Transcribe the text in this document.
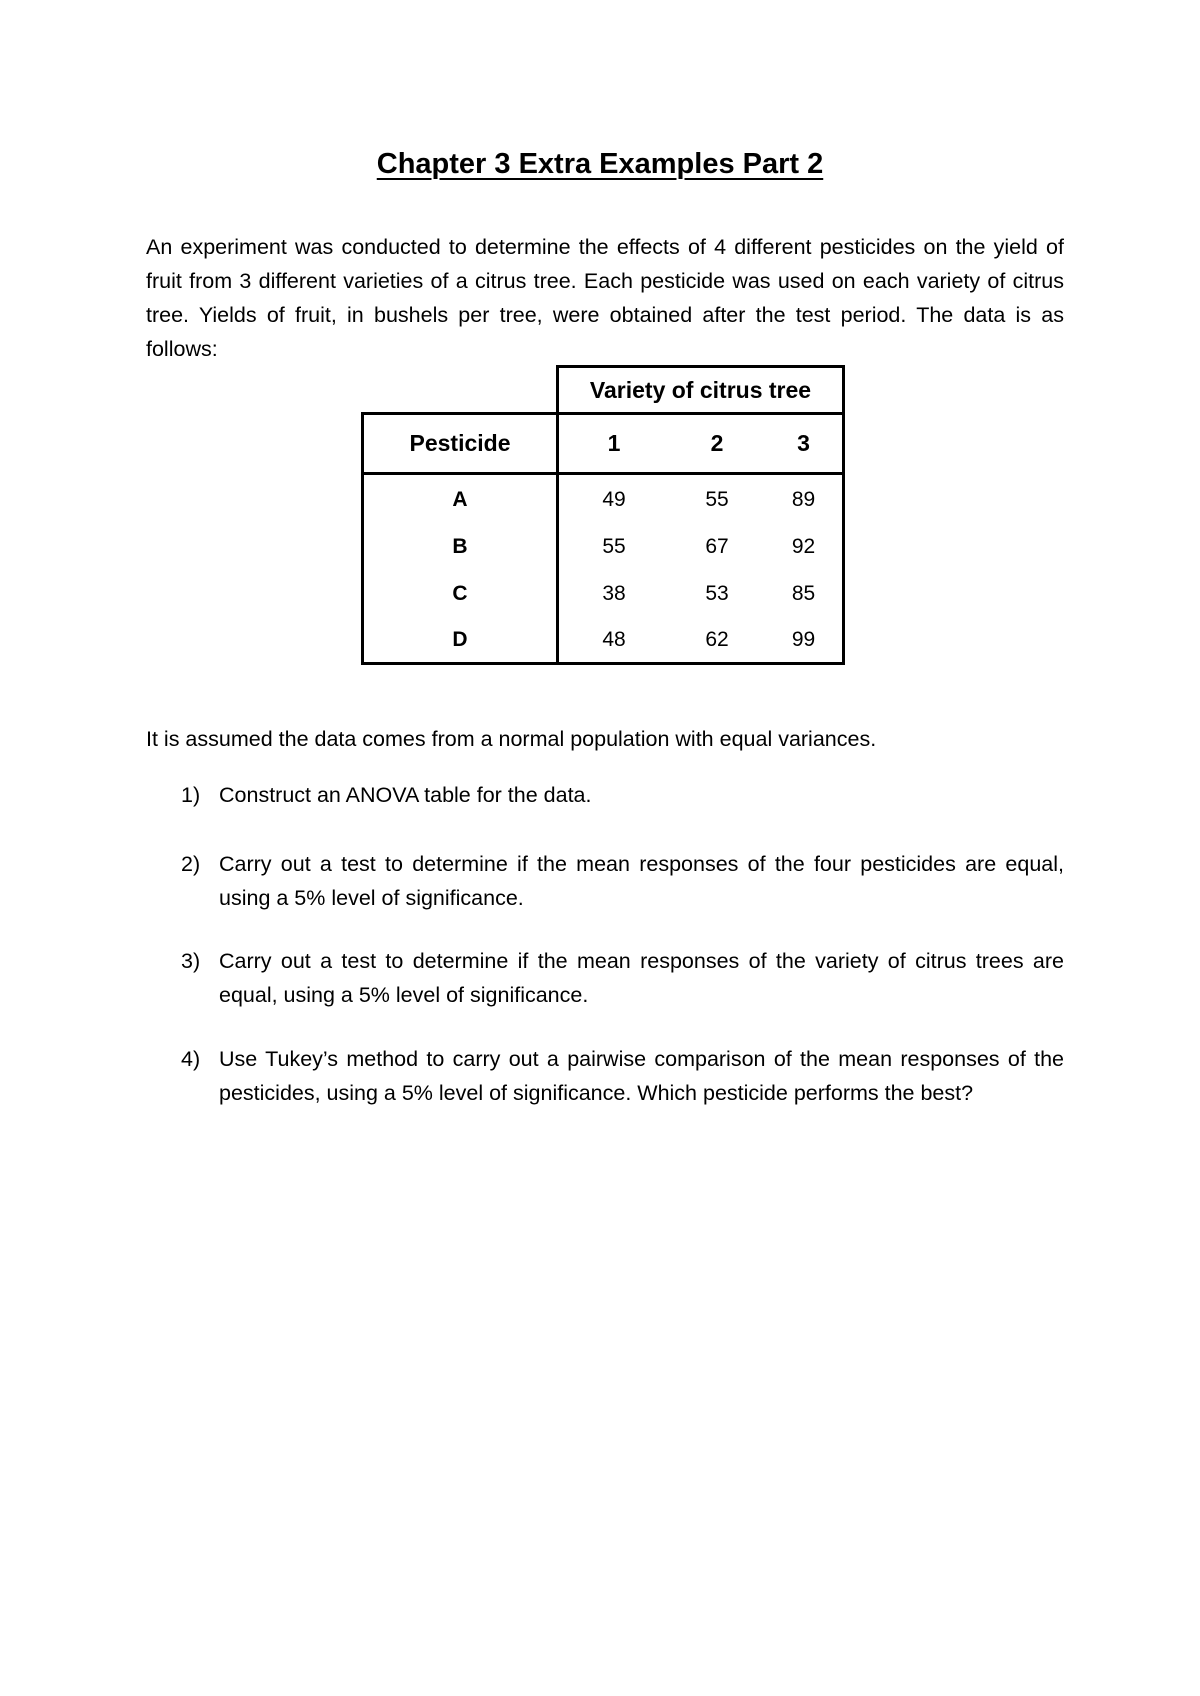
Chapter 3 Extra Examples Part 2

An experiment was conducted to determine the effects of 4 different pesticides on the yield of fruit from 3 different varieties of a citrus tree. Each pesticide was used on each variety of citrus tree. Yields of fruit, in bushels per tree, were obtained after the test period. The data is as follows:

Variety of citrus tree
Pesticide	1	2	3
A	49	55	89
B	55	67	92
C	38	53	85
D	48	62	99

It is assumed the data comes from a normal population with equal variances.

1) Construct an ANOVA table for the data.
2) Carry out a test to determine if the mean responses of the four pesticides are equal, using a 5% level of significance.
3) Carry out a test to determine if the mean responses of the variety of citrus trees are equal, using a 5% level of significance.
4) Use Tukey’s method to carry out a pairwise comparison of the mean responses of the pesticides, using a 5% level of significance. Which pesticide performs the best?
